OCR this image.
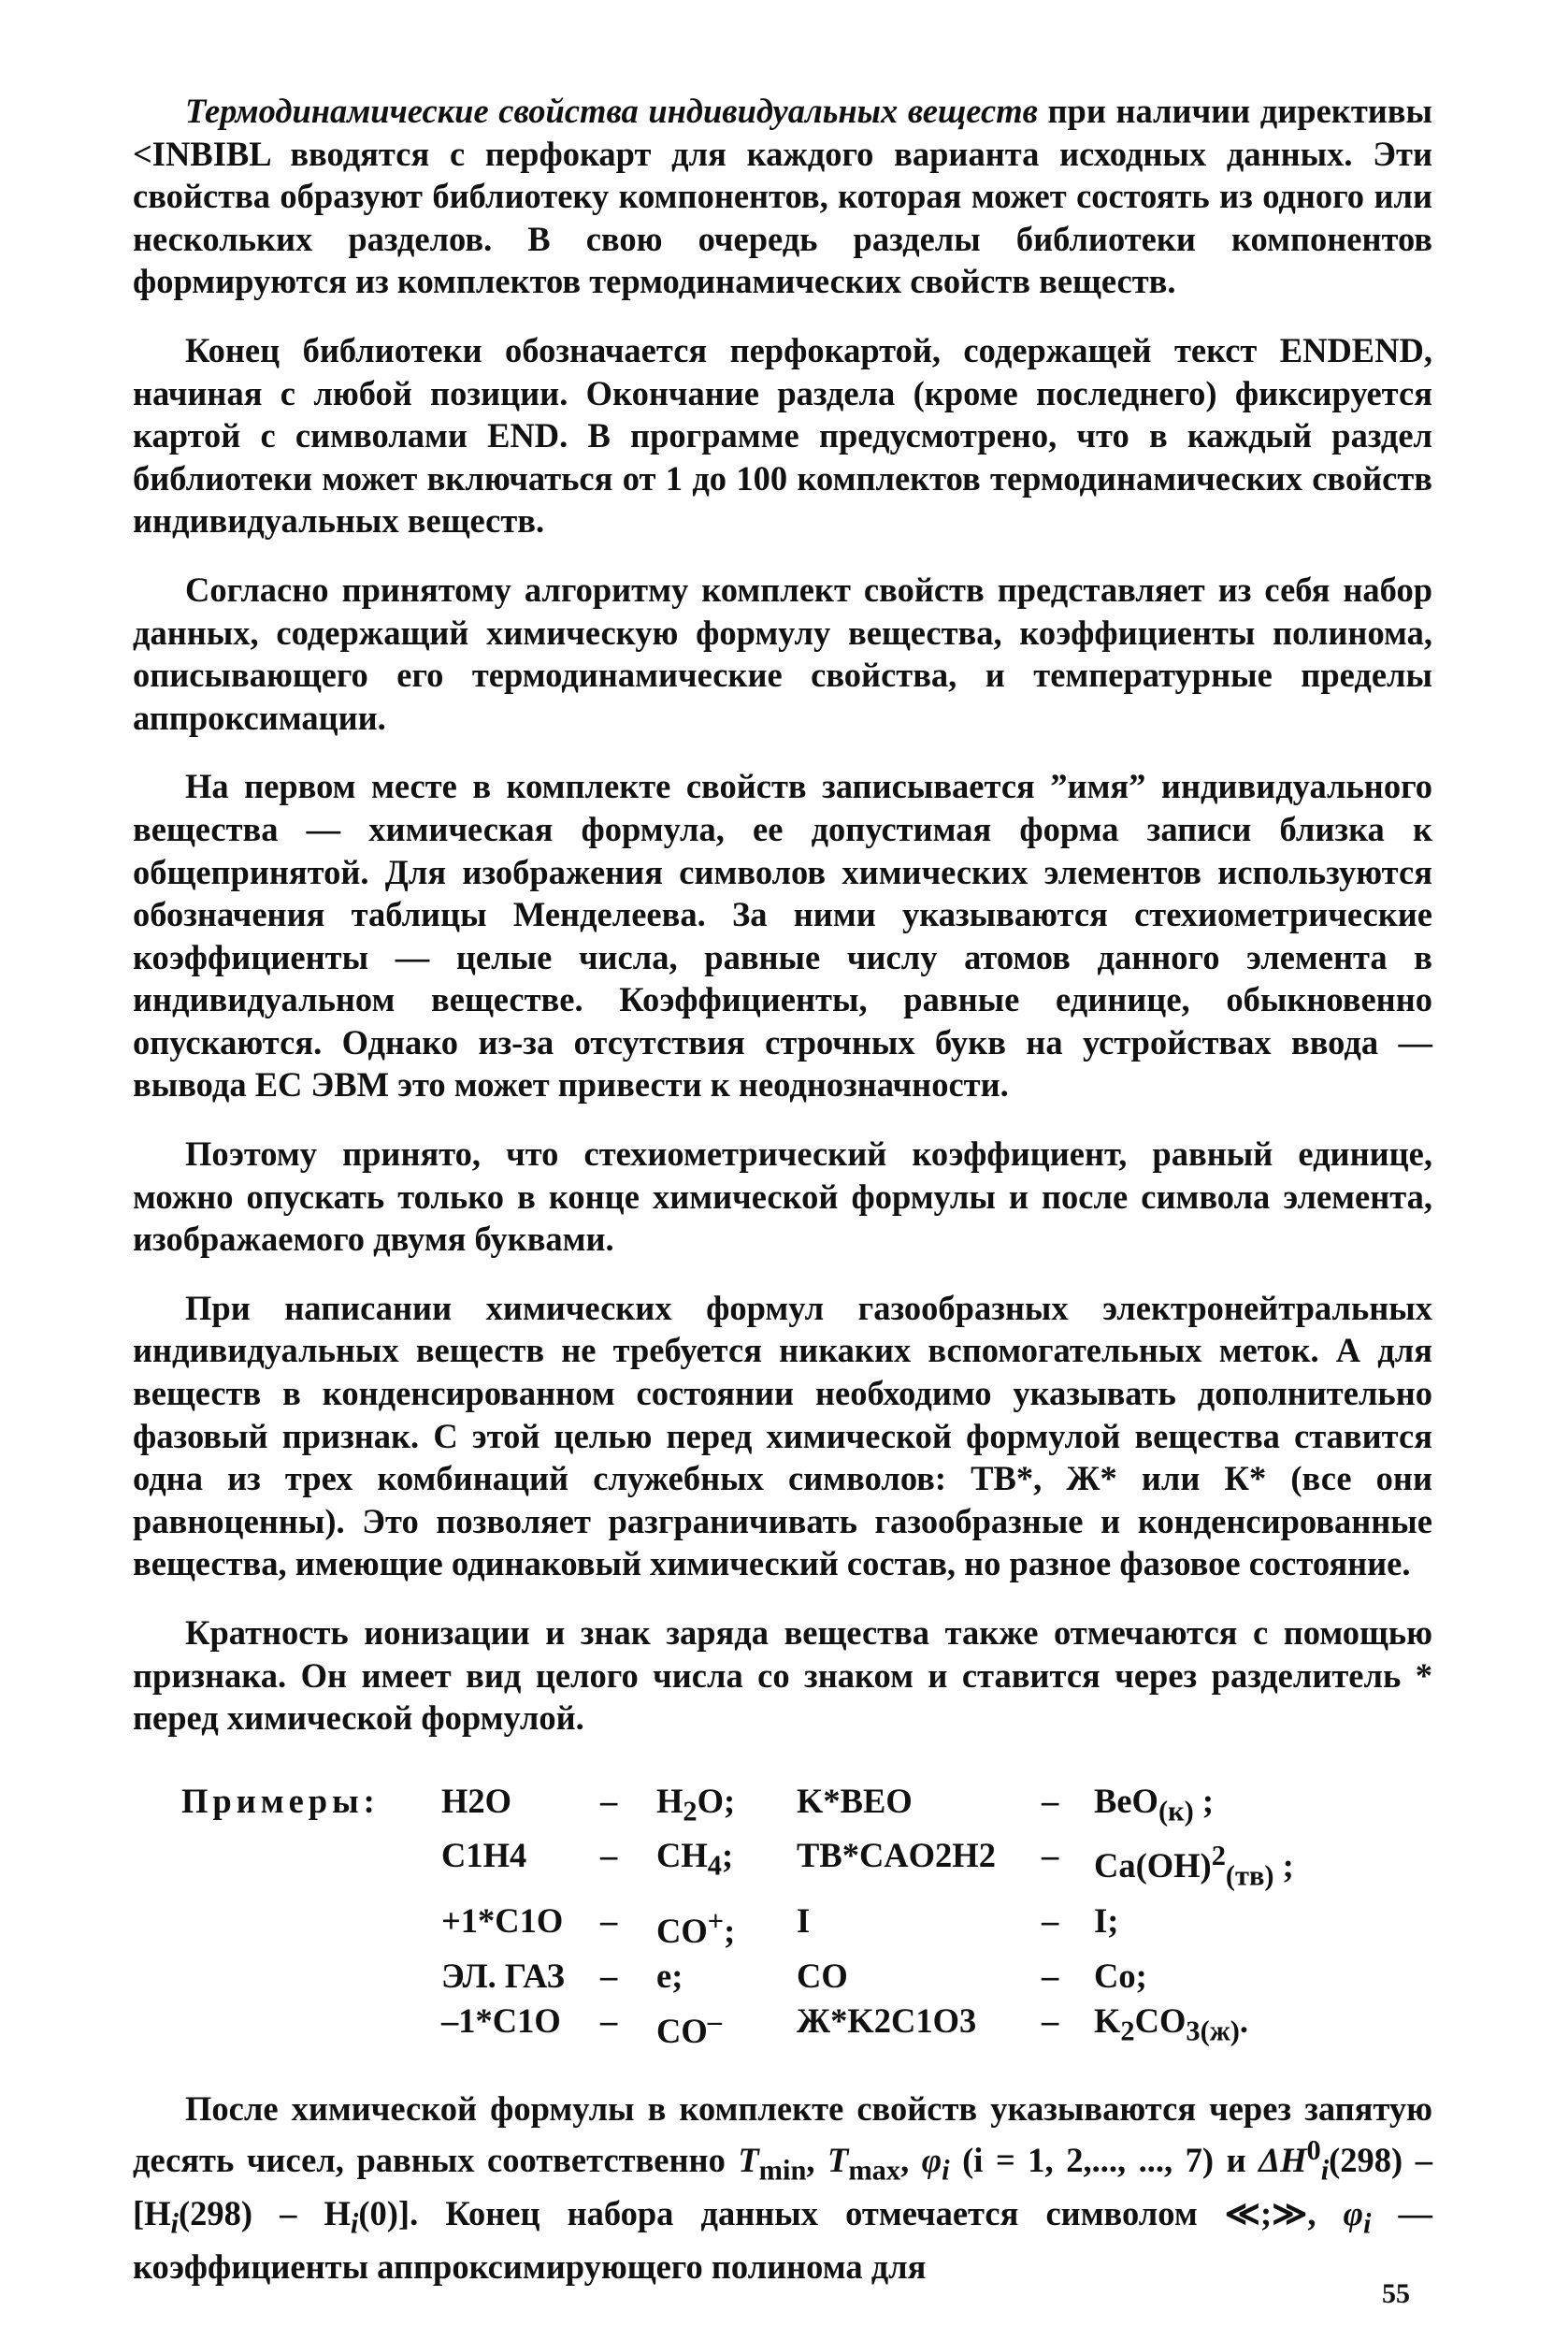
Термодинамические свойства индивидуальных веществ при наличии директивы <INBIBL вводятся с перфокарт для каждого варианта исходных данных. Эти свойства образуют библиотеку компонентов, которая может состоять из одного или нескольких разделов. В свою очередь разделы библиотеки компонентов формируются из комплектов термодинамических свойств веществ.

Конец библиотеки обозначается перфокартой, содержащей текст ENDEND, начиная с любой позиции. Окончание раздела (кроме последнего) фиксируется картой с символами END. В программе предусмотрено, что в каждый раздел библиотеки может включаться от 1 до 100 комплектов термодинамических свойств индивидуальных веществ.

Согласно принятому алгоритму комплект свойств представляет из себя набор данных, содержащий химическую формулу вещества, коэффициенты полинома, описывающего его термодинамические свойства, и температурные пределы аппроксимации.

На первом месте в комплекте свойств записывается ”имя” индивидуального вещества — химическая формула, ее допустимая форма записи близка к общепринятой. Для изображения символов химических элементов используются обозначения таблицы Менделеева. За ними указываются стехиометрические коэффициенты — целые числа, равные числу атомов данного элемента в индивидуальном веществе. Коэффициенты, равные единице, обыкновенно опускаются. Однако из-за отсутствия строчных букв на устройствах ввода — вывода ЕС ЭВМ это может привести к неоднозначности.

Поэтому принято, что стехиометрический коэффициент, равный единице, можно опускать только в конце химической формулы и после символа элемента, изображаемого двумя буквами.

При написании химических формул газообразных электронейтральных индивидуальных веществ не требуется никаких вспомогательных меток. А для веществ в конденсированном состоянии необходимо указывать дополнительно фазовый признак. С этой целью перед химической формулой вещества ставится одна из трех комбинаций служебных символов: ТВ*, Ж* или К* (все они равноценны). Это позволяет разграничивать газообразные и конденсированные вещества, имеющие одинаковый химический состав, но разное фазовое состояние.

Кратность ионизации и знак заряда вещества также отмечаются с помощью признака. Он имеет вид целого числа со знаком и ставится через разделитель * перед химической формулой.

Примеры:	H2O	–	$H_2O$;	K*BEO	–	BeO$_{(к)}$ ;
	C1H4	–	$CH_4$;	ТВ*CAO2H2	–	Ca(OH)$^2_{(тв)}$ ;
	+1*C1O	–	CO+;	I	–	I;
	ЭЛ. ГАЗ	–	e;	CO	–	Co;
	–1*C1O	–	CO–	Ж*K2C1O3	–	$K_2CO_{3(ж)}$.

После химической формулы в комплекте свойств указываются через запятую десять чисел, равных соответственно $T_{min}$, $T_{max}$, $\varphi_i$ (i = 1, 2,..., ..., 7) и $\Delta H^0_i(298) - [H_i(298) - H_i(0)]$. Конец набора данных отмечается символом ≪;≫, $\varphi_i$ — коэффициенты аппроксимирующего полинома для

55
